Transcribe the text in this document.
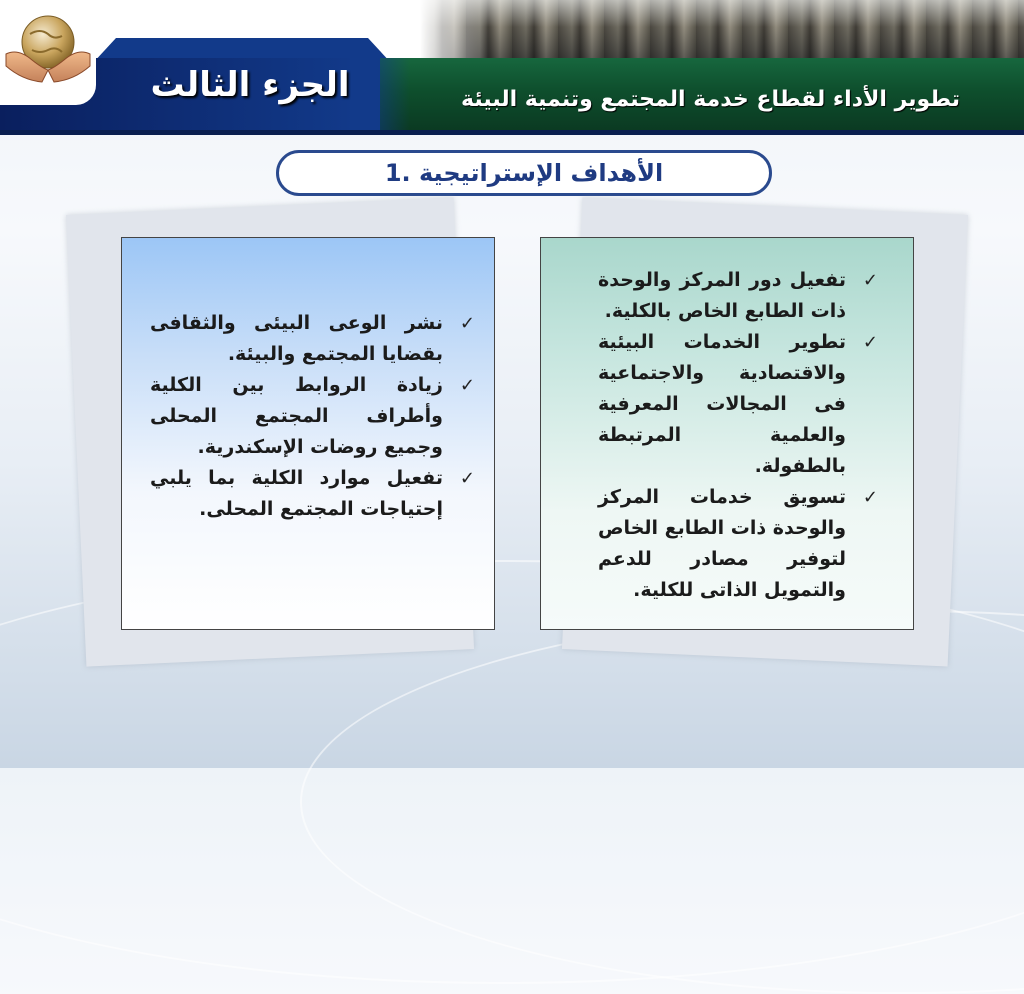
الجزء الثالث	تطوير الأداء لقطاع خدمة المجتمع وتنمية البيئة
1. الأهداف الإستراتيجية
✓
نشر الوعى البيئى والثقافى بقضايا المجتمع والبيئة.
✓
زيادة الروابط بين الكلية وأطراف المجتمع المحلى وجميع روضات الإسكندرية.
✓
تفعيل موارد الكلية بما يلبي إحتياجات المجتمع المحلى.
✓
تفعيل دور المركز والوحدة ذات الطابع الخاص بالكلية.
✓
تطوير الخدمات البيئية والاقتصادية والاجتماعية فى المجالات المعرفية والعلمية المرتبطة بالطفولة.
✓
تسويق خدمات المركز والوحدة ذات الطابع الخاص لتوفير مصادر للدعم والتمويل الذاتى للكلية.
